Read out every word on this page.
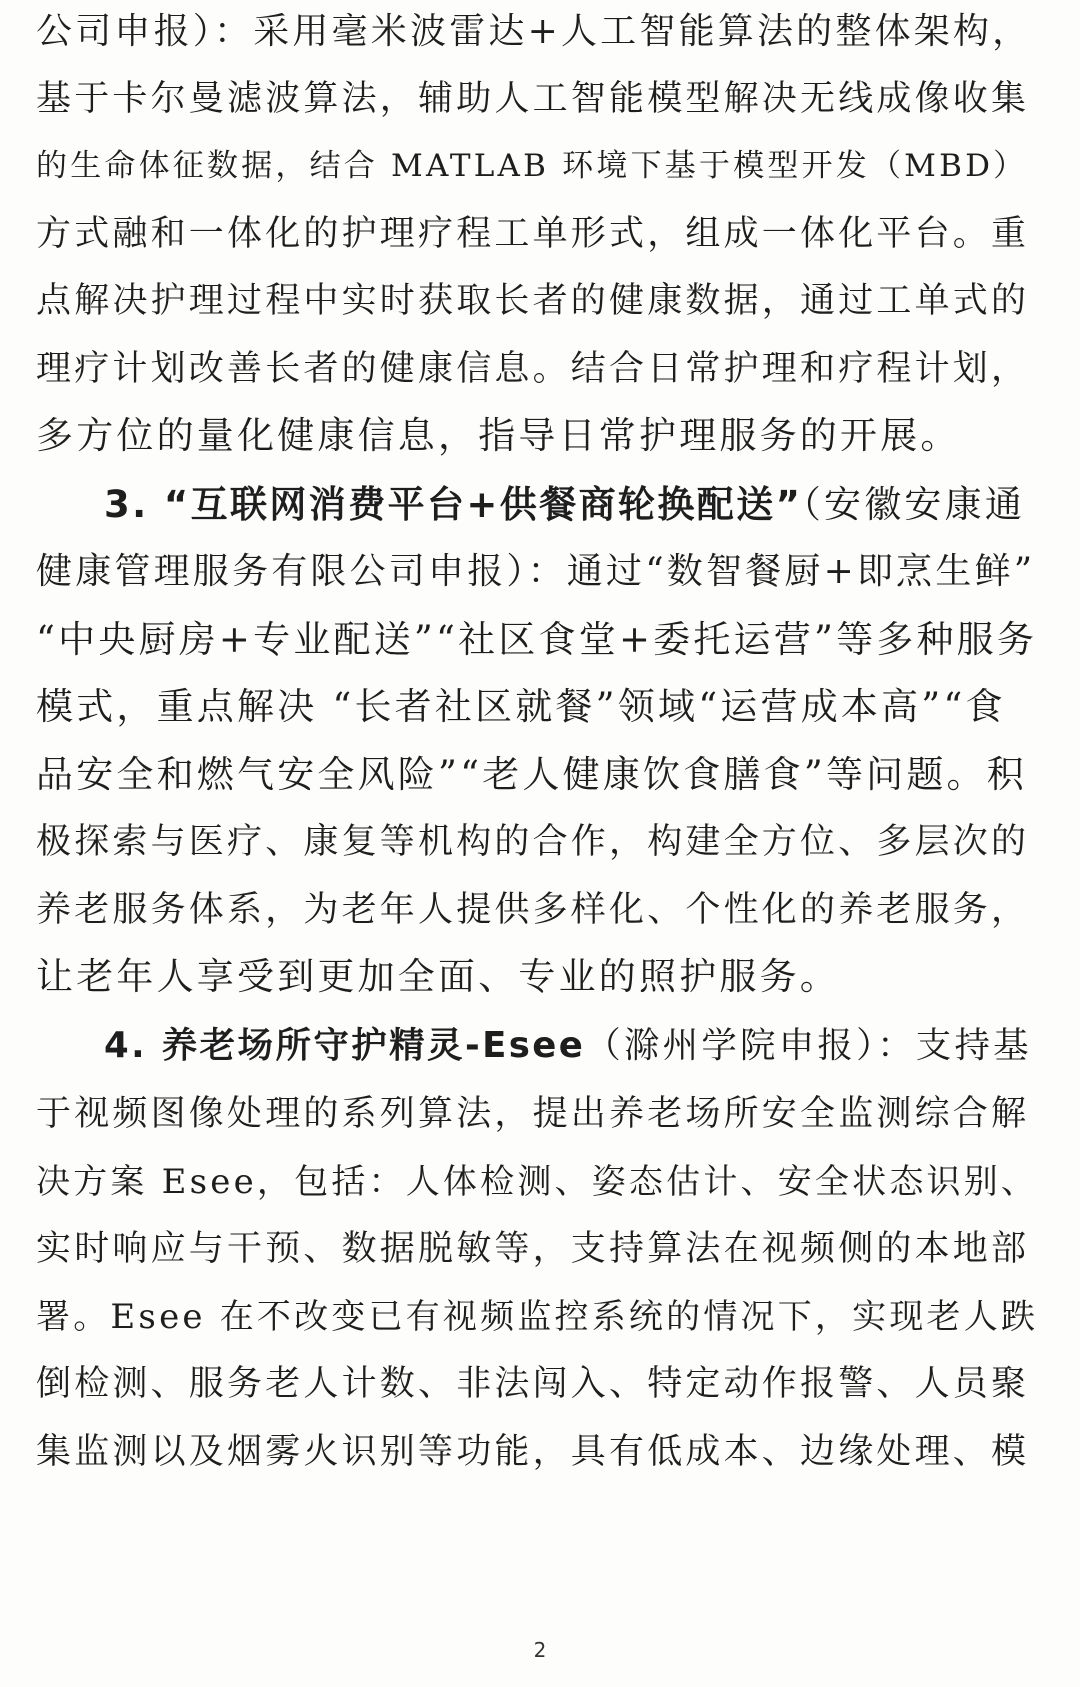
公司申报）：采用毫米波雷达+人工智能算法的整体架构，
基于卡尔曼滤波算法，辅助人工智能模型解决无线成像收集
的生命体征数据，结合 MATLAB 环境下基于模型开发（MBD）
方式融和一体化的护理疗程工单形式，组成一体化平台。重
点解决护理过程中实时获取长者的健康数据，通过工单式的
理疗计划改善长者的健康信息。结合日常护理和疗程计划，
多方位的量化健康信息，指导日常护理服务的开展。
3. “互联网消费平台+供餐商轮换配送”（安徽安康通
健康管理服务有限公司申报）：通过“数智餐厨+即烹生鲜”
“中央厨房+专业配送”“社区食堂+委托运营”等多种服务
模式，重点解决 “长者社区就餐”领域“运营成本高”“食
品安全和燃气安全风险”“老人健康饮食膳食”等问题。积
极探索与医疗、康复等机构的合作，构建全方位、多层次的
养老服务体系，为老年人提供多样化、个性化的养老服务，
让老年人享受到更加全面、专业的照护服务。
4. 养老场所守护精灵-Esee（滁州学院申报）：支持基
于视频图像处理的系列算法，提出养老场所安全监测综合解
决方案 Esee，包括：人体检测、姿态估计、安全状态识别、
实时响应与干预、数据脱敏等，支持算法在视频侧的本地部
署。Esee 在不改变已有视频监控系统的情况下，实现老人跌
倒检测、服务老人计数、非法闯入、特定动作报警、人员聚
集监测以及烟雾火识别等功能，具有低成本、边缘处理、模
2
